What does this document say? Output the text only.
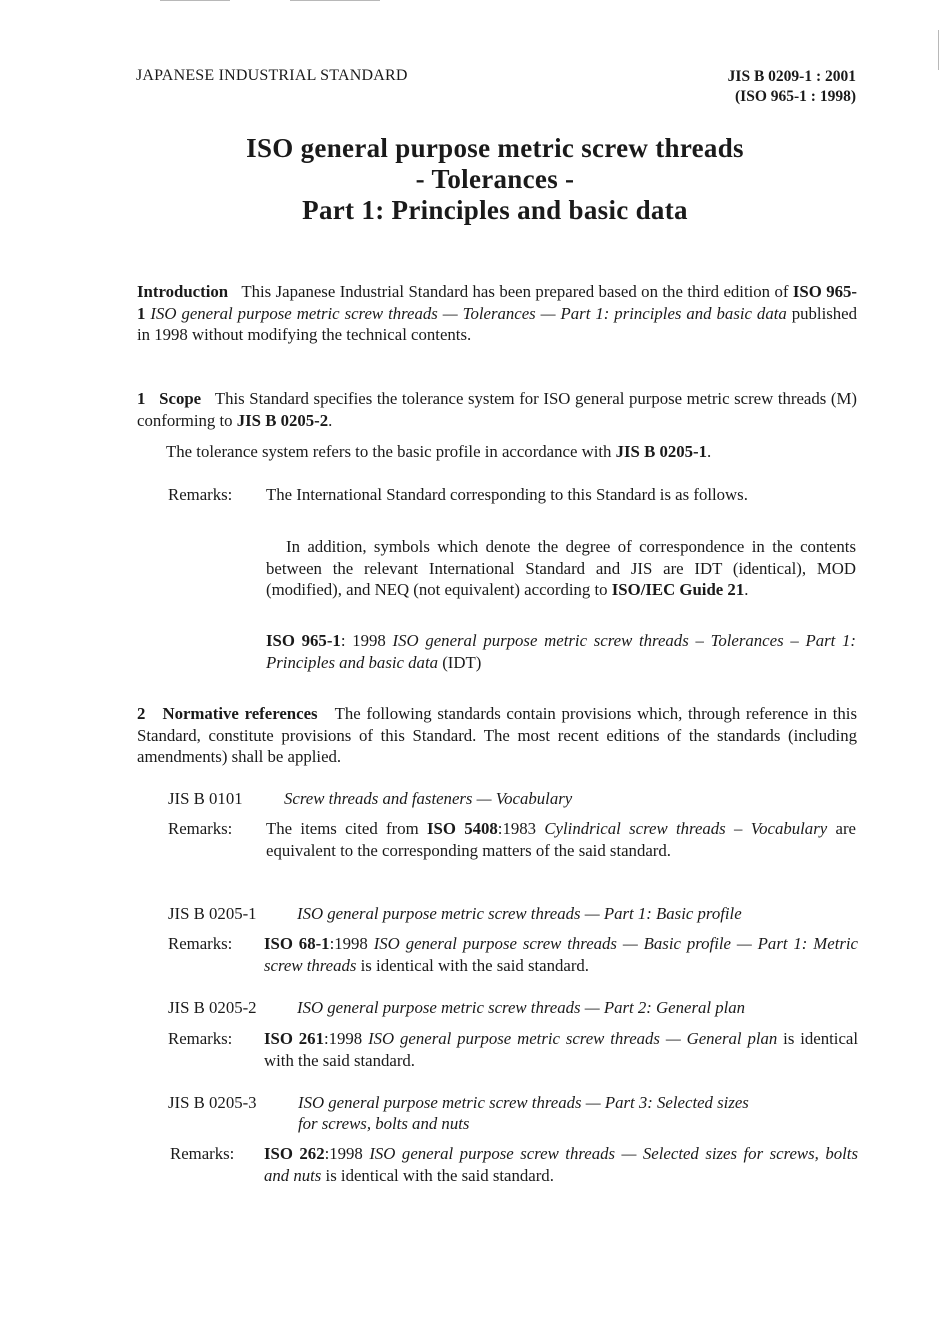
JAPANESE INDUSTRIAL STANDARD	JIS B 0209-1 : 2001
(ISO 965-1 : 1998)
ISO general purpose metric screw threads
- Tolerances -
Part 1: Principles and basic data
Introduction This Japanese Industrial Standard has been prepared based on the third edition of ISO 965-1 ISO general purpose metric screw threads — Tolerances — Part 1: principles and basic data published in 1998 without modifying the technical contents.
1 Scope This Standard specifies the tolerance system for ISO general purpose metric screw threads (M) conforming to JIS B 0205-2.
The tolerance system refers to the basic profile in accordance with JIS B 0205-1.
Remarks: The International Standard corresponding to this Standard is as follows.
In addition, symbols which denote the degree of correspondence in the contents between the relevant International Standard and JIS are IDT (identical), MOD (modified), and NEQ (not equivalent) according to ISO/IEC Guide 21.
ISO 965-1: 1998 ISO general purpose metric screw threads – Tolerances – Part 1: Principles and basic data (IDT)
2 Normative references The following standards contain provisions which, through reference in this Standard, constitute provisions of this Standard. The most recent editions of the standards (including amendments) shall be applied.
JIS B 0101 Screw threads and fasteners — Vocabulary
Remarks: The items cited from ISO 5408:1983 Cylindrical screw threads – Vocabulary are equivalent to the corresponding matters of the said standard.
JIS B 0205-1 ISO general purpose metric screw threads — Part 1: Basic profile
Remarks: ISO 68-1:1998 ISO general purpose screw threads — Basic profile — Part 1: Metric screw threads is identical with the said standard.
JIS B 0205-2 ISO general purpose metric screw threads — Part 2: General plan
Remarks: ISO 261:1998 ISO general purpose metric screw threads — General plan is identical with the said standard.
JIS B 0205-3 ISO general purpose metric screw threads — Part 3: Selected sizes
for screws, bolts and nuts
Remarks: ISO 262:1998 ISO general purpose screw threads — Selected sizes for screws, bolts and nuts is identical with the said standard.
